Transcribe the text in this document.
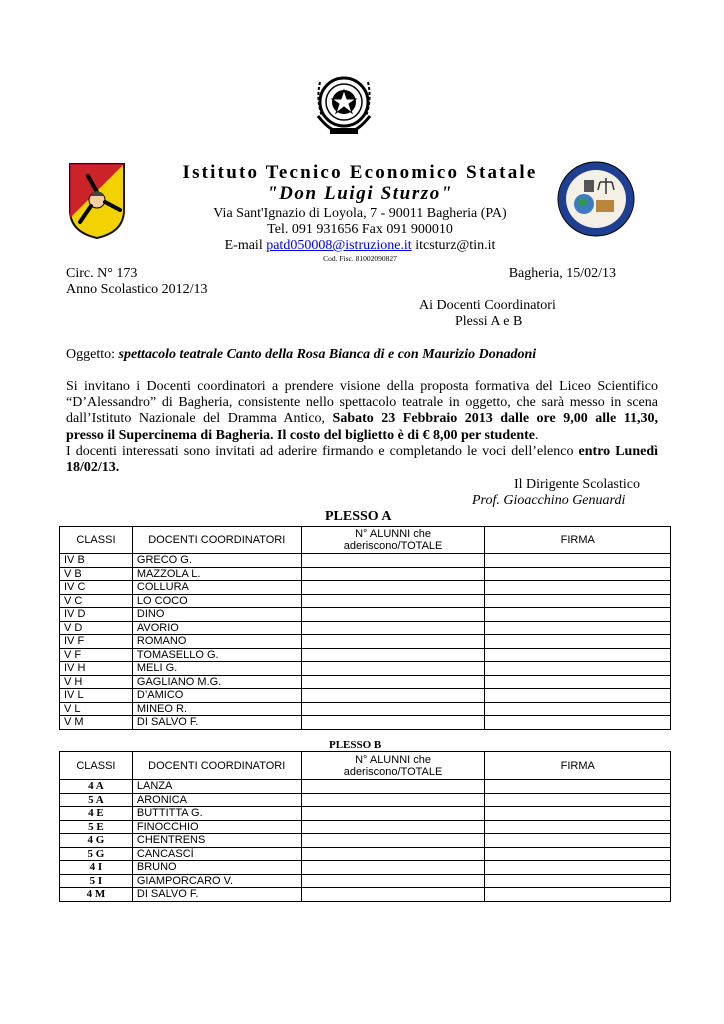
Istituto Tecnico Economico Statale
"Don Luigi Sturzo"
Via Sant'Ignazio di Loyola, 7 - 90011 Bagheria (PA)
Tel. 091 931656 Fax 091 900010
E-mail patd050008@istruzione.it itcsturz@tin.it
Cod. Fisc. 81002090827
Circ. N° 173	Bagheria, 15/02/13
Anno Scolastico 2012/13
Ai Docenti Coordinatori
Plessi A e B
Oggetto: spettacolo teatrale Canto della Rosa Bianca di e con Maurizio Donadoni
Si invitano i Docenti coordinatori a prendere visione della proposta formativa del Liceo Scientifico
“D’Alessandro” di Bagheria, consistente nello spettacolo teatrale in oggetto, che sarà messo in scena
dall’Istituto Nazionale del Dramma Antico, Sabato 23 Febbraio 2013 dalle ore 9,00 alle 11,30,
presso il Supercinema di Bagheria. Il costo del biglietto è di € 8,00 per studente.
I docenti interessati sono invitati ad aderire firmando e completando le voci dell’elenco entro Lunedì
18/02/13.
Il Dirigente Scolastico
Prof. Gioacchino Genuardi
PLESSO A
CLASSI	DOCENTI COORDINATORI	N° ALUNNI che aderiscono/TOTALE	FIRMA
IV B	GRECO G.		
V B	MAZZOLA L.		
IV C	COLLURA		
V C	LO COCO		
IV D	DINO		
V D	AVORIO		
IV F	ROMANO		
V F	TOMASELLO G.		
IV H	MELI G.		
V H	GAGLIANO M.G.		
IV L	D’AMICO		
V L	MINEO R.		
V M	DI SALVO F.		
PLESSO B
CLASSI	DOCENTI COORDINATORI	N° ALUNNI che aderiscono/TOTALE	FIRMA
4 A	LANZA		
5 A	ARONICA		
4 E	BUTTITTA G.		
5 E	FINOCCHIO		
4 G	CHENTRENS		
5 G	CANCASCÌ		
4 I	BRUNO		
5 I	GIAMPORCARO V.		
4 M	DI SALVO F.		
